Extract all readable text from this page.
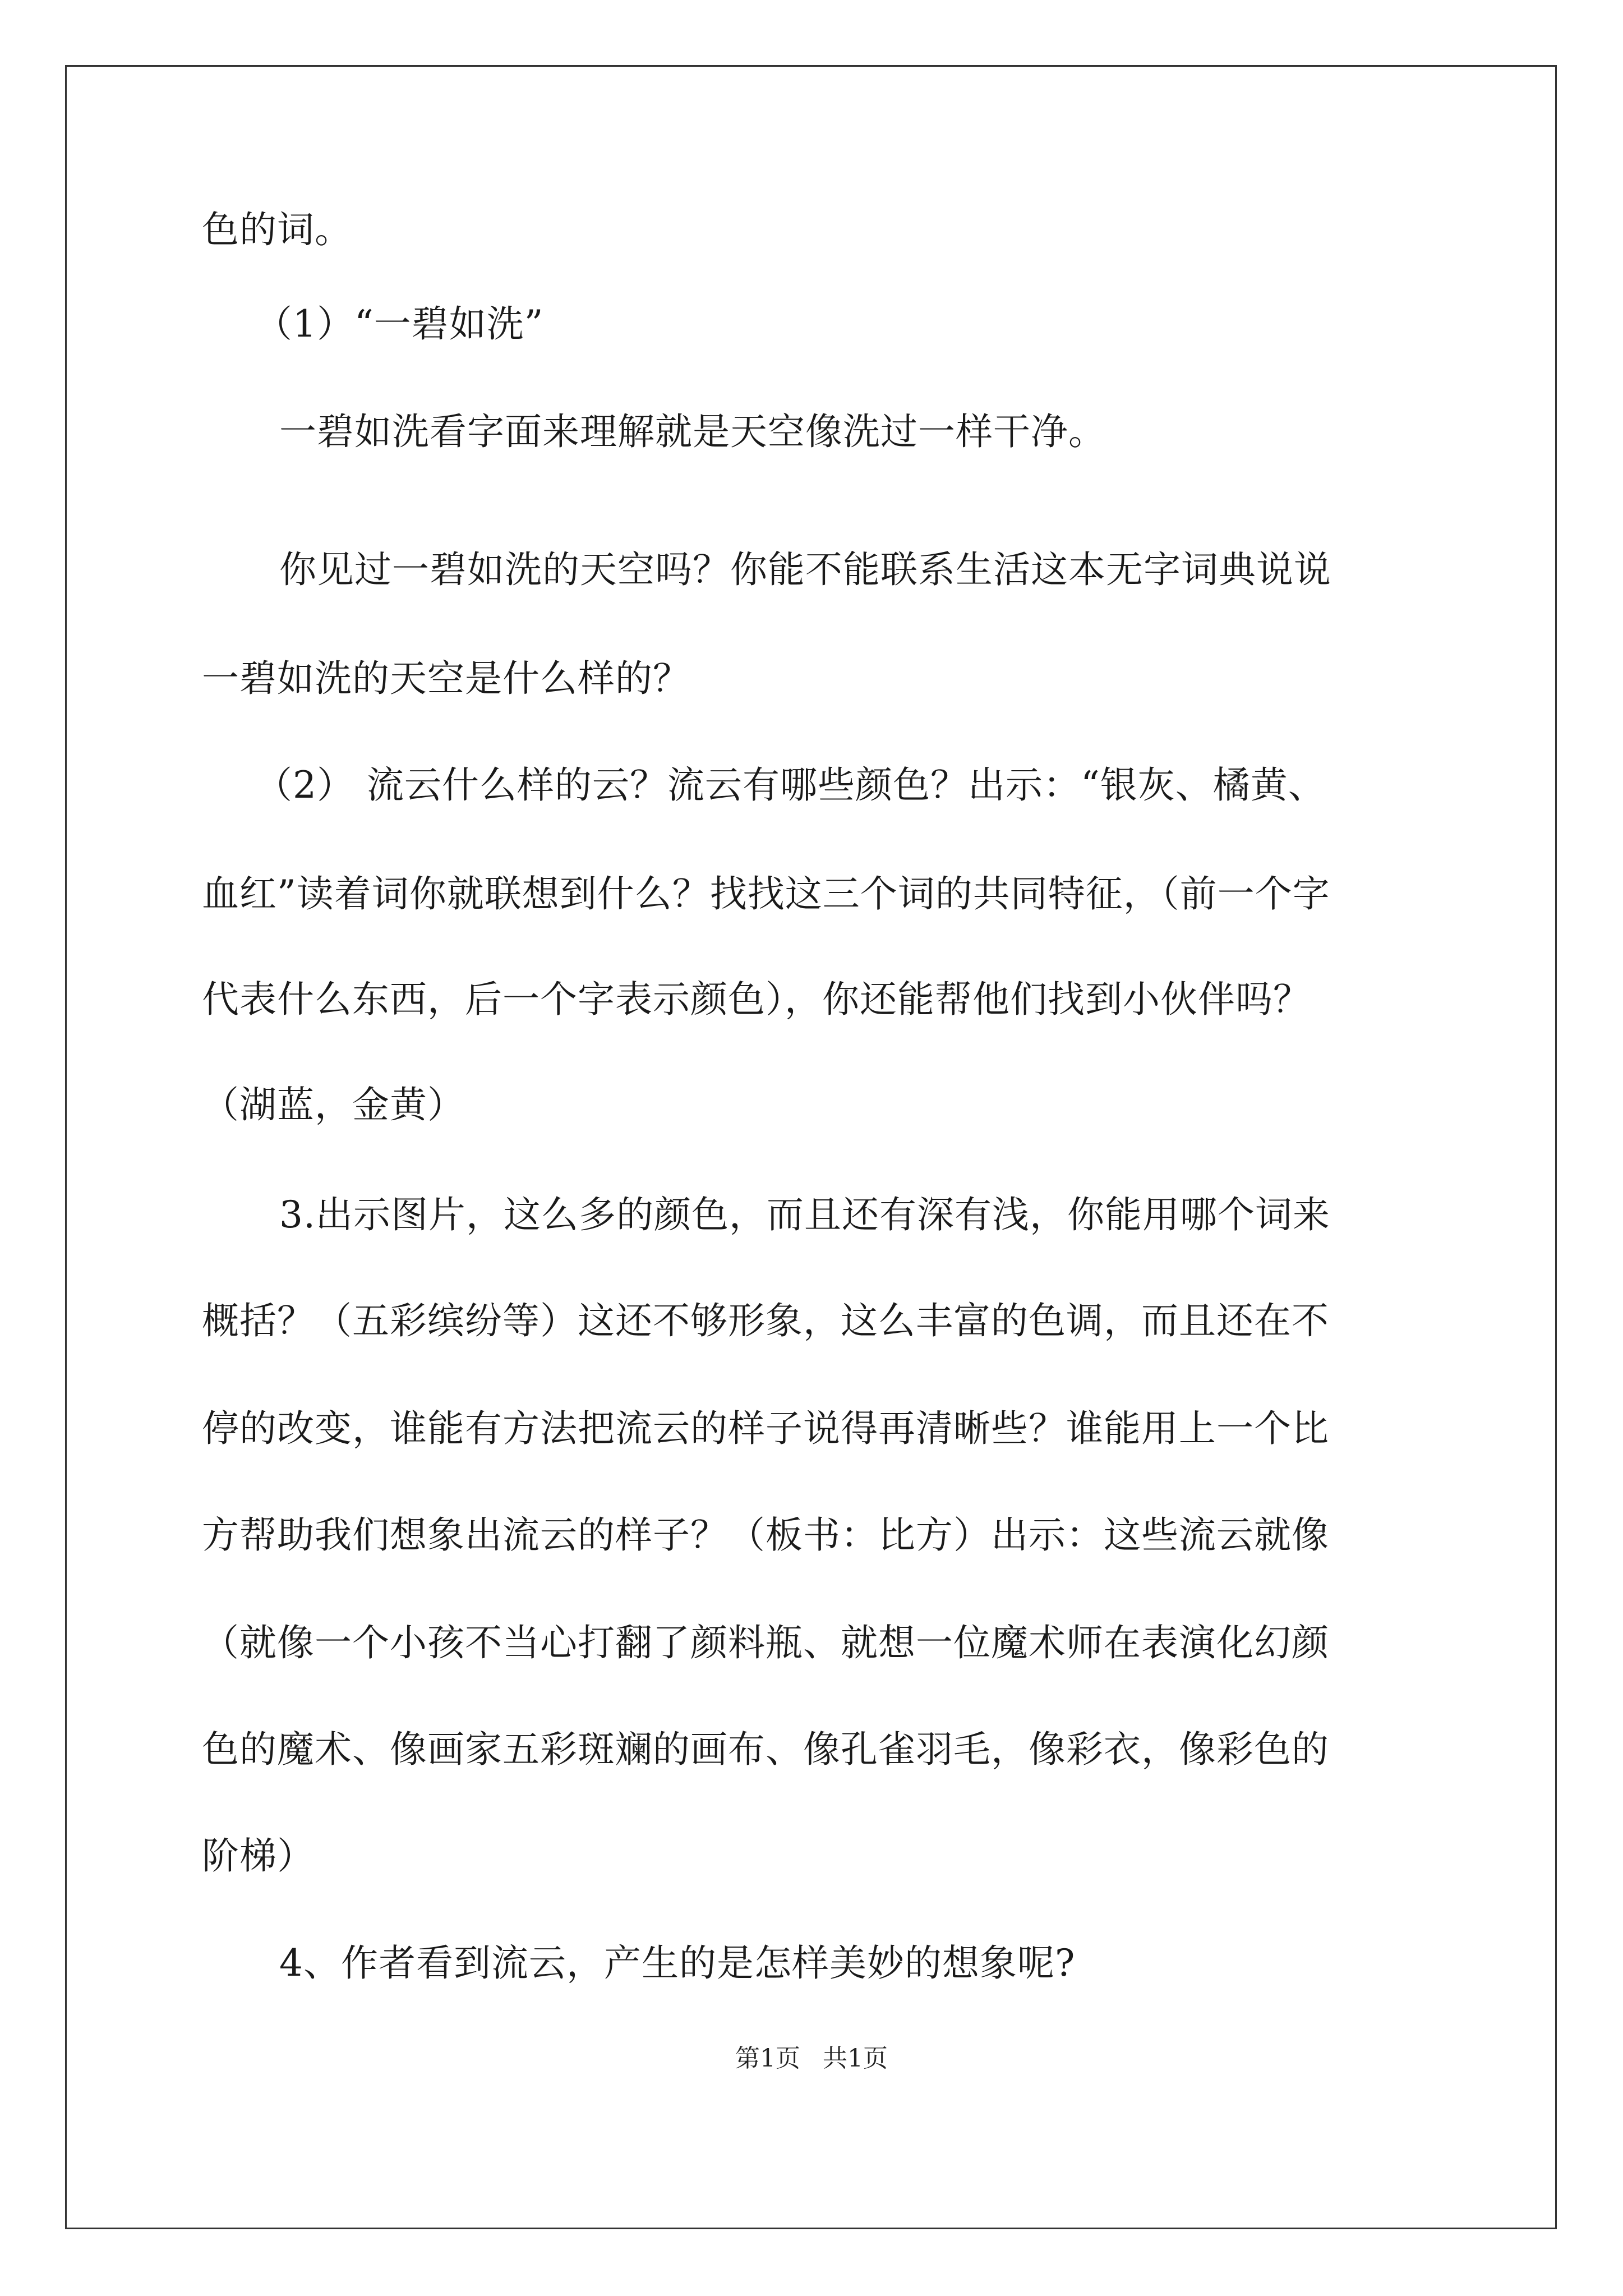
色的词。
（1）“一碧如洗”
一碧如洗看字面来理解就是天空像洗过一样干净。
你见过一碧如洗的天空吗？你能不能联系生活这本无字词典说说
一碧如洗的天空是什么样的？
（2） 流云什么样的云？流云有哪些颜色？出示：“银灰、橘黄、
血红”读着词你就联想到什么？找找这三个词的共同特征，（前一个字
代表什么东西，后一个字表示颜色），你还能帮他们找到小伙伴吗？
（湖蓝，金黄）
3.出示图片，这么多的颜色，而且还有深有浅，你能用哪个词来
概括？（五彩缤纷等）这还不够形象，这么丰富的色调，而且还在不
停的改变，谁能有方法把流云的样子说得再清晰些？谁能用上一个比
方帮助我们想象出流云的样子？（板书：比方）出示：这些流云就像
（就像一个小孩不当心打翻了颜料瓶、就想一位魔术师在表演化幻颜
色的魔术、像画家五彩斑斓的画布、像孔雀羽毛，像彩衣，像彩色的
阶梯）
4、作者看到流云，产生的是怎样美妙的想象呢?
第1页 共1页
